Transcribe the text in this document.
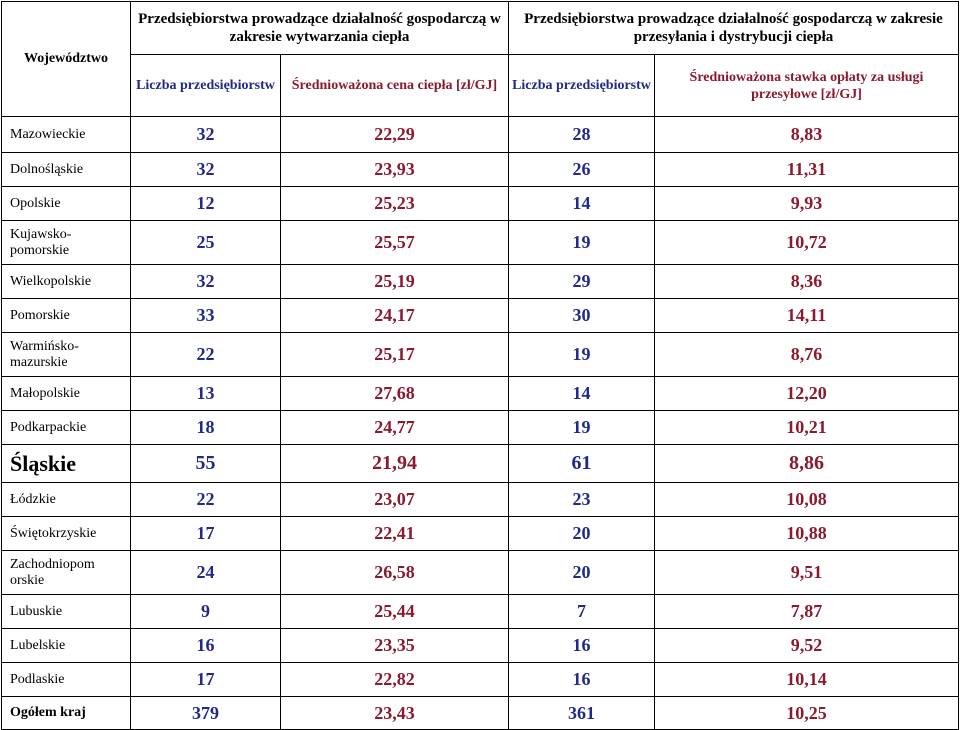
Województwo	Przedsiębiorstwa prowadzące działalność gospodarczą w zakresie wytwarzania ciepła		Przedsiębiorstwa prowadzące działalność gospodarczą w zakresie przesyłania i dystrybucji ciepła	
	Liczba przedsiębiorstw	Średnioważona cena ciepła [zł/GJ]	Liczba przedsiębiorstw	Średnioważona stawka opłaty za usługi przesyłowe [zł/GJ]
Mazowieckie	32	22,29	28	8,83
Dolnośląskie	32	23,93	26	11,31
Opolskie	12	25,23	14	9,93
Kujawsko-pomorskie	25	25,57	19	10,72
Wielkopolskie	32	25,19	29	8,36
Pomorskie	33	24,17	30	14,11
Warmińsko-mazurskie	22	25,17	19	8,76
Małopolskie	13	27,68	14	12,20
Podkarpackie	18	24,77	19	10,21
Śląskie	55	21,94	61	8,86
Łódzkie	22	23,07	23	10,08
Świętokrzyskie	17	22,41	20	10,88
Zachodniopom orskie	24	26,58	20	9,51
Lubuskie	9	25,44	7	7,87
Lubelskie	16	23,35	16	9,52
Podlaskie	17	22,82	16	10,14
Ogółem kraj	379	23,43	361	10,25
